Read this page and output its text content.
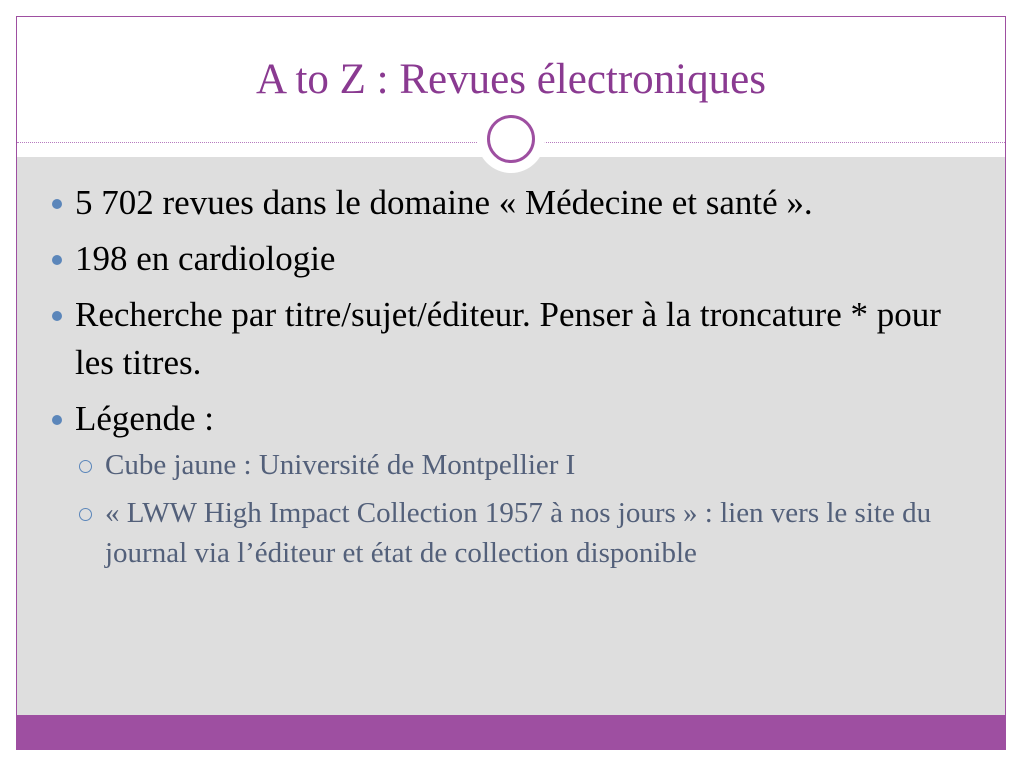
A to Z : Revues électroniques
5 702 revues dans le domaine « Médecine et santé ».
198 en cardiologie
Recherche par titre/sujet/éditeur. Penser à la troncature * pour les titres.
Légende :
Cube jaune : Université de Montpellier I
« LWW High Impact Collection 1957 à nos jours » : lien vers le site du journal via l’éditeur et état de collection disponible
